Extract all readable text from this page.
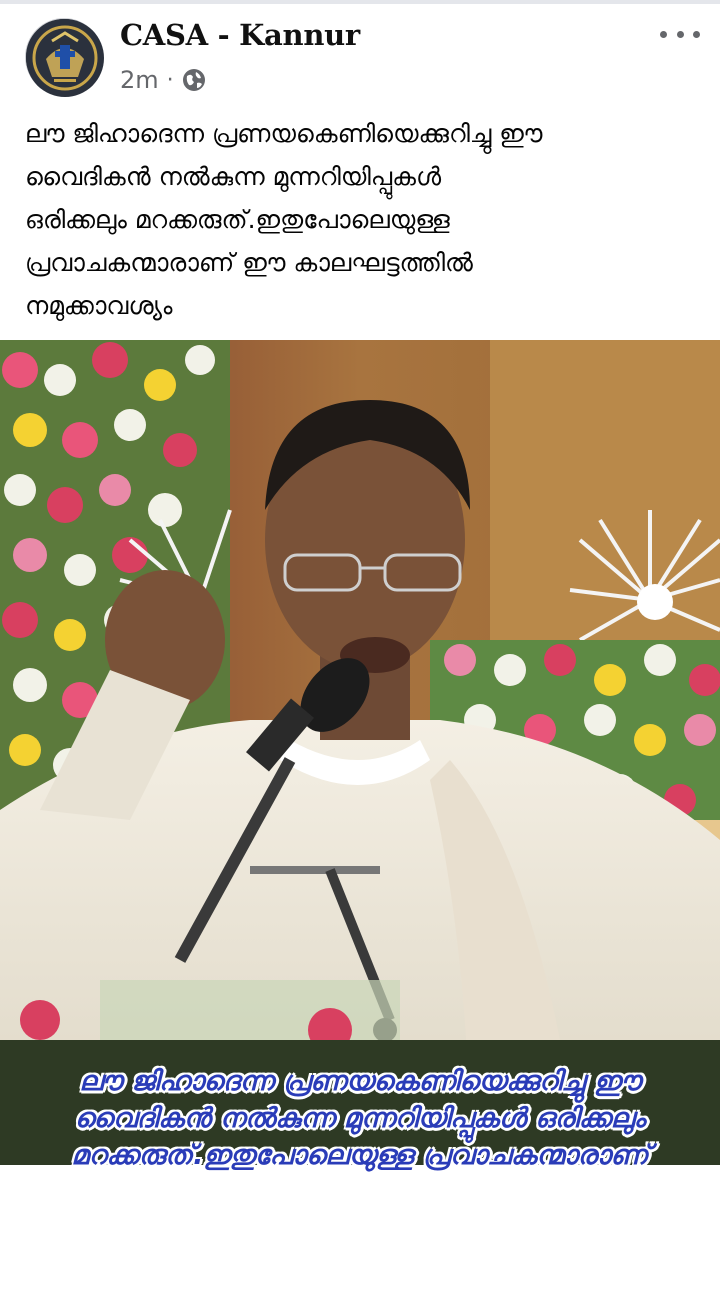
CASA - Kannur
2m ·
ലൗ ജിഹാദെന്ന പ്രണയകെണിയെക്കുറിച്ചു ഈ
വൈദികൻ നൽകുന്ന മുന്നറിയിപ്പുകൾ
ഒരിക്കലും മറക്കരുത്.ഇതുപോലെയുള്ള
പ്രവാചകന്മാരാണ് ഈ കാലഘട്ടത്തിൽ
നമുക്കാവശ്യം
M TV
ലൗ ജിഹാദെന്ന പ്രണയകെണിയെക്കുറിച്ചു ഈ
വൈദികൻ നൽകുന്ന മുന്നറിയിപ്പുകൾ ഒരിക്കലും
മറക്കരുത്.ഇതുപോലെയുള്ള പ്രവാചകന്മാരാണ്
